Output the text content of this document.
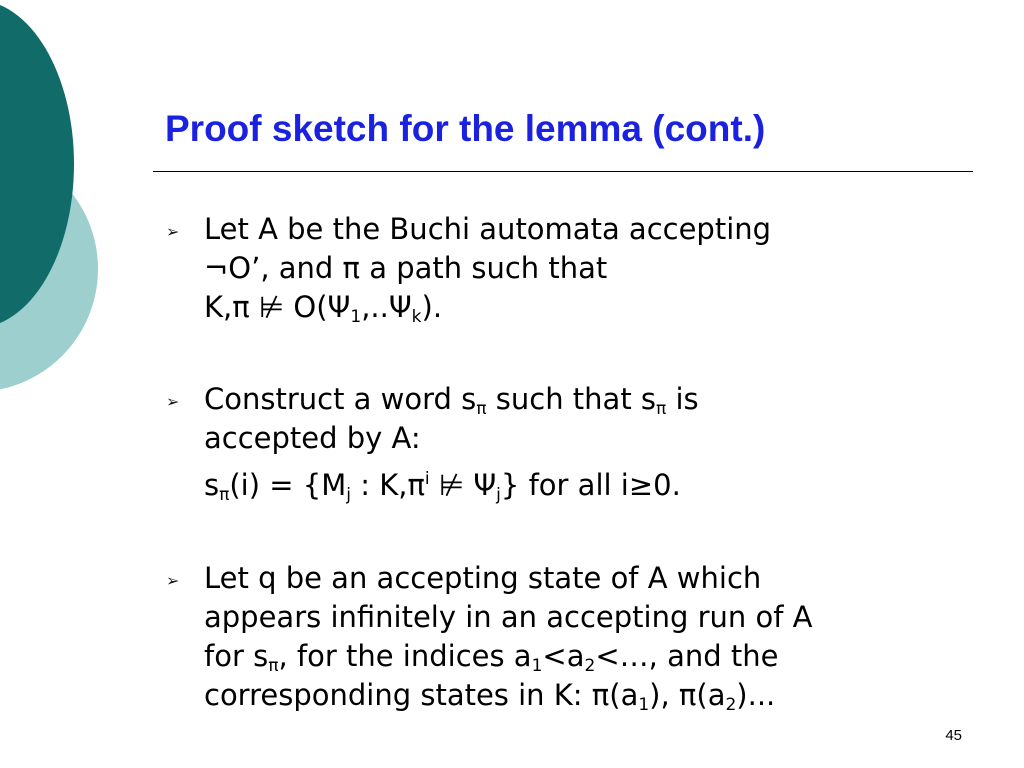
Proof sketch for the lemma (cont.)
➢ Let A be the Buchi automata accepting
¬O’, and π a path such that
K,π ⊭ $O(\Psi_1,..\Psi_k)$.
➢ Construct a word $s_\pi$ such that $s_\pi$ is
accepted by A:
$s_\pi(i) = \{M_j$ : $K,\pi^i$ ⊭ $\Psi_j$} for all i≥0.
➢ Let q be an accepting state of A which
appears infinitely in an accepting run of A
for $s_\pi$, for the indices $a_1<a_2<\dots$, and the
corresponding states in K: $\pi(a_1)$, $\pi(a_2)$...
45
